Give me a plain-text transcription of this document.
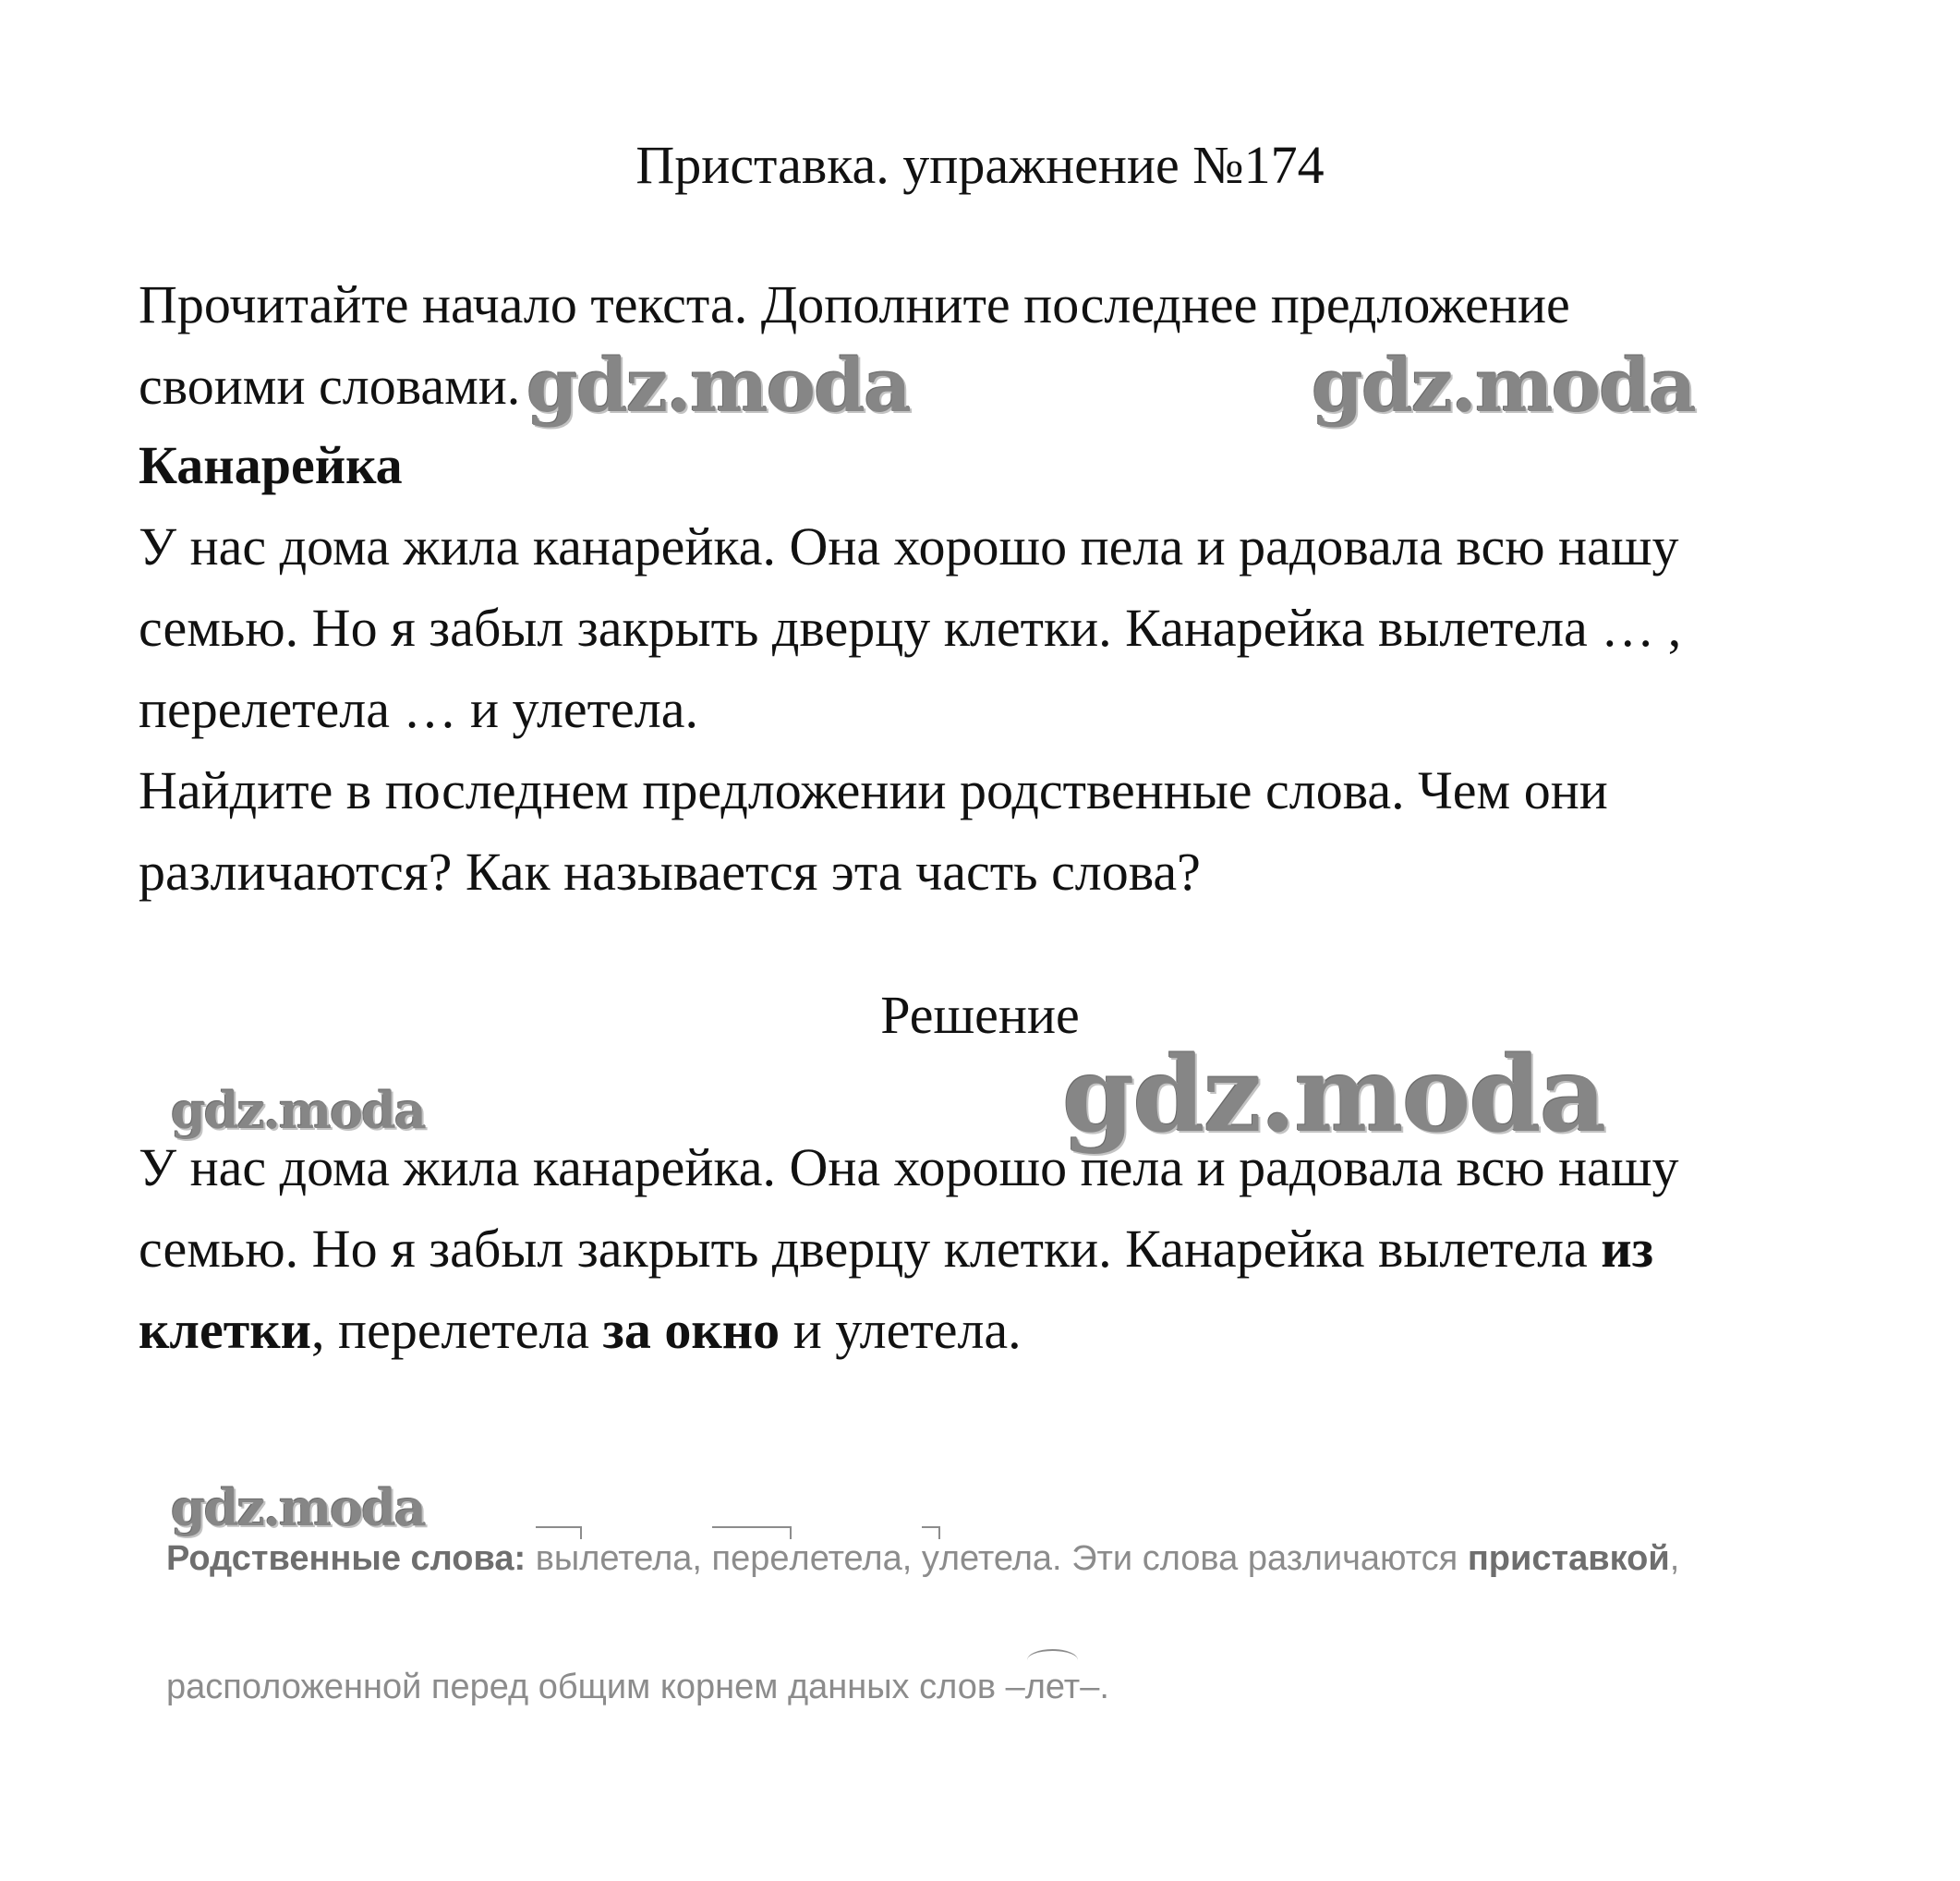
Приставка. упражнение №174
Прочитайте начало текста. Дополните последнее предложение
своими словами.
Канарейка
У нас дома жила канарейка. Она хорошо пела и радовала всю нашу
семью. Но я забыл закрыть дверцу клетки. Канарейка вылетела … ,
перелетела … и улетела.
Найдите в последнем предложении родственные слова. Чем они
различаются? Как называется эта часть слова?
Решение
У нас дома жила канарейка. Она хорошо пела и радовала всю нашу
семью. Но я забыл закрыть дверцу клетки. Канарейка вылетела из
клетки, перелетела за окно и улетела.
Родственные слова: вылетела, перелетела, улетела. Эти слова различаются приставкой,
расположенной перед общим корнем данных слов –
лет–.
gdz.moda	gdz.moda
gdz.moda
gdz.moda
gdz.moda
